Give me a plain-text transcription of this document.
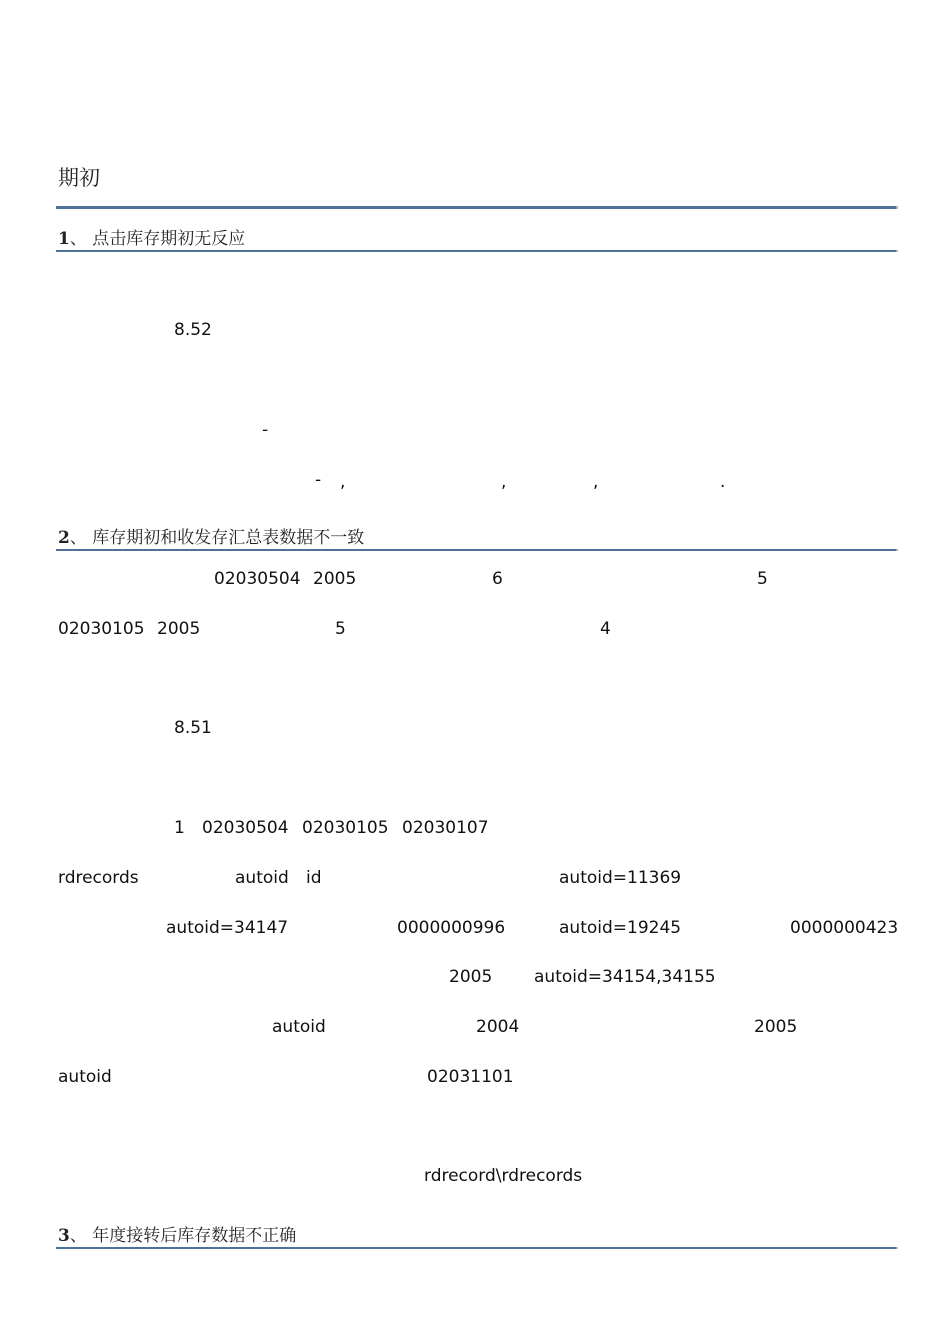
期初
1、 点击库存期初无反应
8.52
-
- ,	,	,	.
2、 库存期初和收发存汇总表数据不一致
02030504 2005	6	5
02030105 2005	5	4
8.51
1 02030504 02030105 02030107
rdrecords	autoid id	autoid=11369
autoid=34147	0000000996	autoid=19245	0000000423
2005 autoid=34154,34155
autoid	2004	2005
autoid	02031101
rdrecord\rdrecords
3、 年度接转后库存数据不正确
